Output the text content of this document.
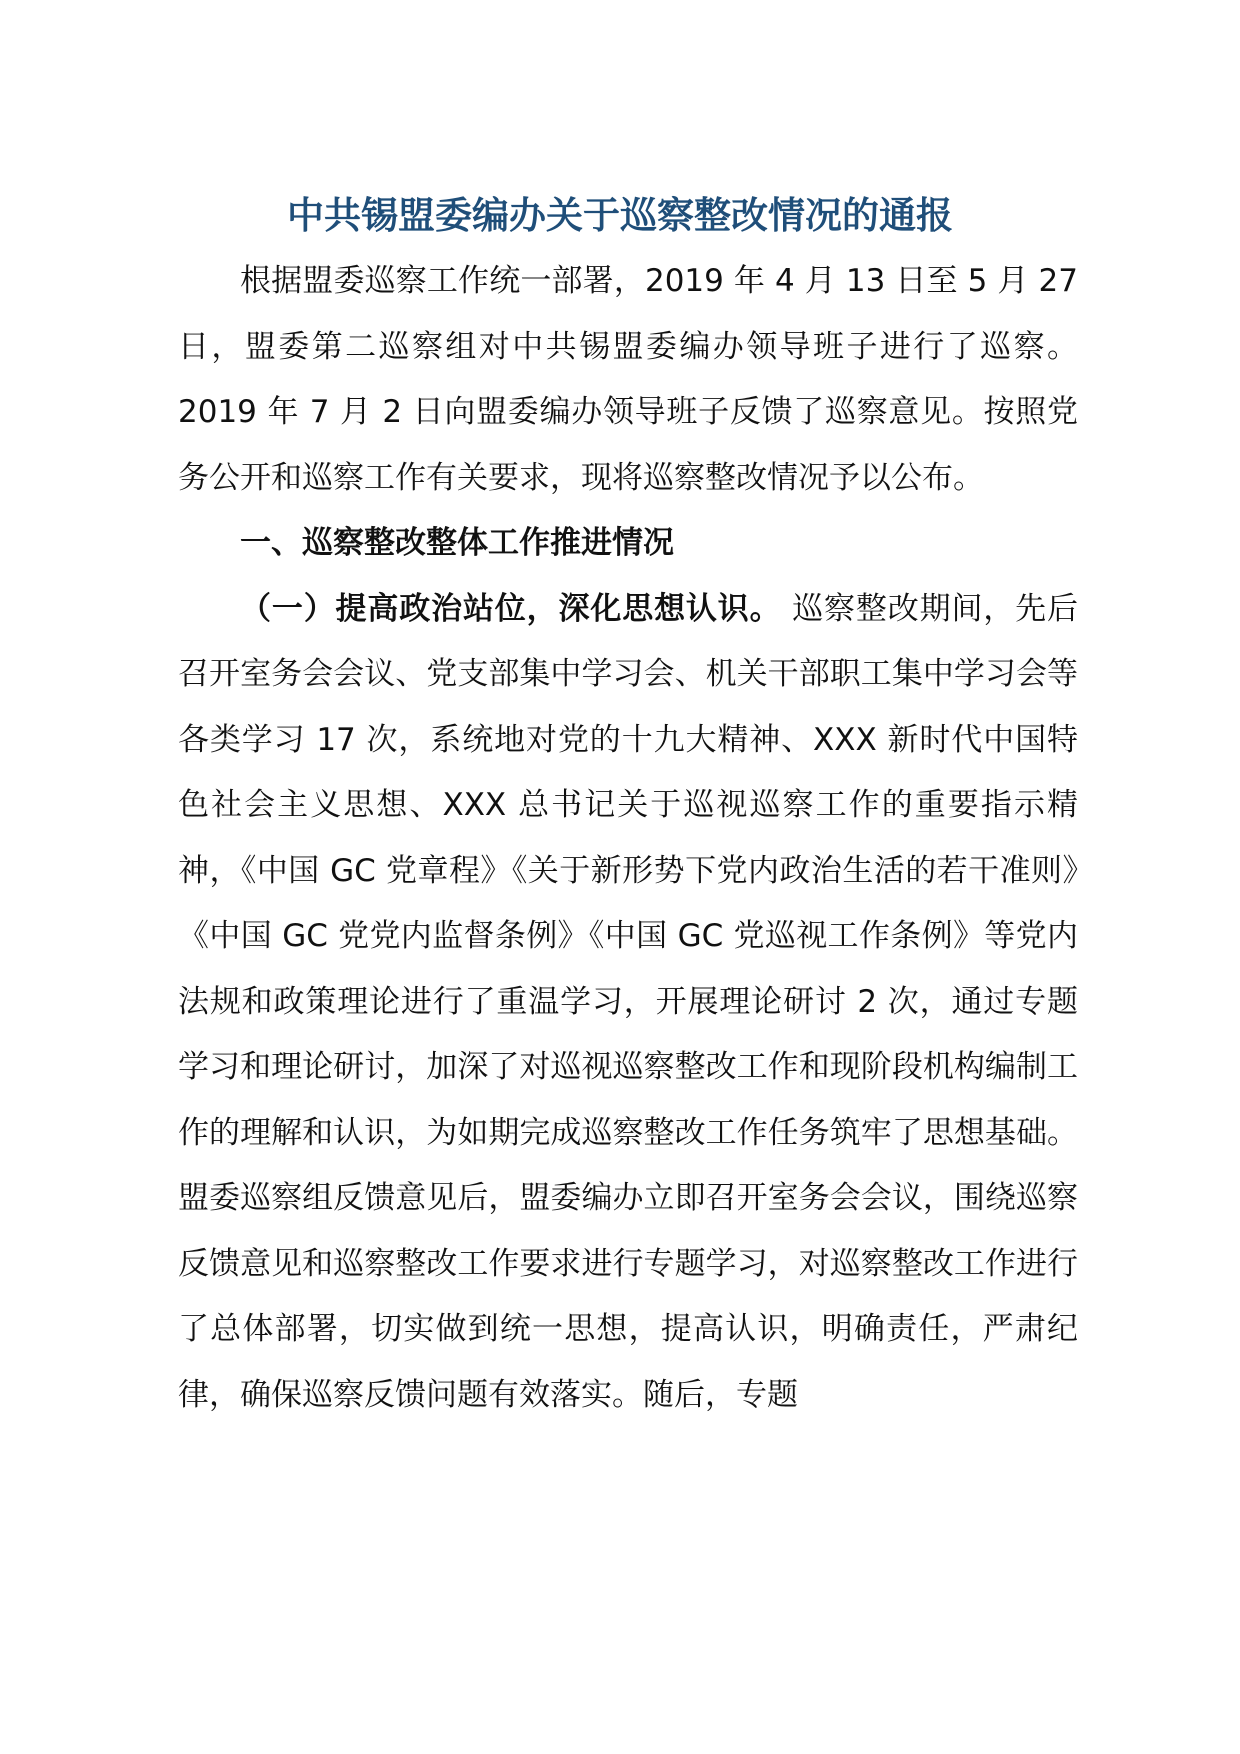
中共锡盟委编办关于巡察整改情况的通报

根据盟委巡察工作统一部署，2019 年 4 月 13 日至 5 月 27 日，盟委第二巡察组对中共锡盟委编办领导班子进行了巡察。2019 年 7 月 2 日向盟委编办领导班子反馈了巡察意见。按照党务公开和巡察工作有关要求，现将巡察整改情况予以公布。

一、巡察整改整体工作推进情况

（一）提高政治站位，深化思想认识。 巡察整改期间，先后召开室务会会议、党支部集中学习会、机关干部职工集中学习会等各类学习 17 次，系统地对党的十九大精神、XXX 新时代中国特色社会主义思想、XXX 总书记关于巡视巡察工作的重要指示精神，《中国 GC 党章程》《关于新形势下党内政治生活的若干准则》《中国 GC 党党内监督条例》《中国 GC 党巡视工作条例》等党内法规和政策理论进行了重温学习，开展理论研讨 2 次，通过专题学习和理论研讨，加深了对巡视巡察整改工作和现阶段机构编制工作的理解和认识，为如期完成巡察整改工作任务筑牢了思想基础。盟委巡察组反馈意见后，盟委编办立即召开室务会会议，围绕巡察反馈意见和巡察整改工作要求进行专题学习，对巡察整改工作进行了总体部署，切实做到统一思想，提高认识，明确责任，严肃纪律，确保巡察反馈问题有效落实。随后，专题
